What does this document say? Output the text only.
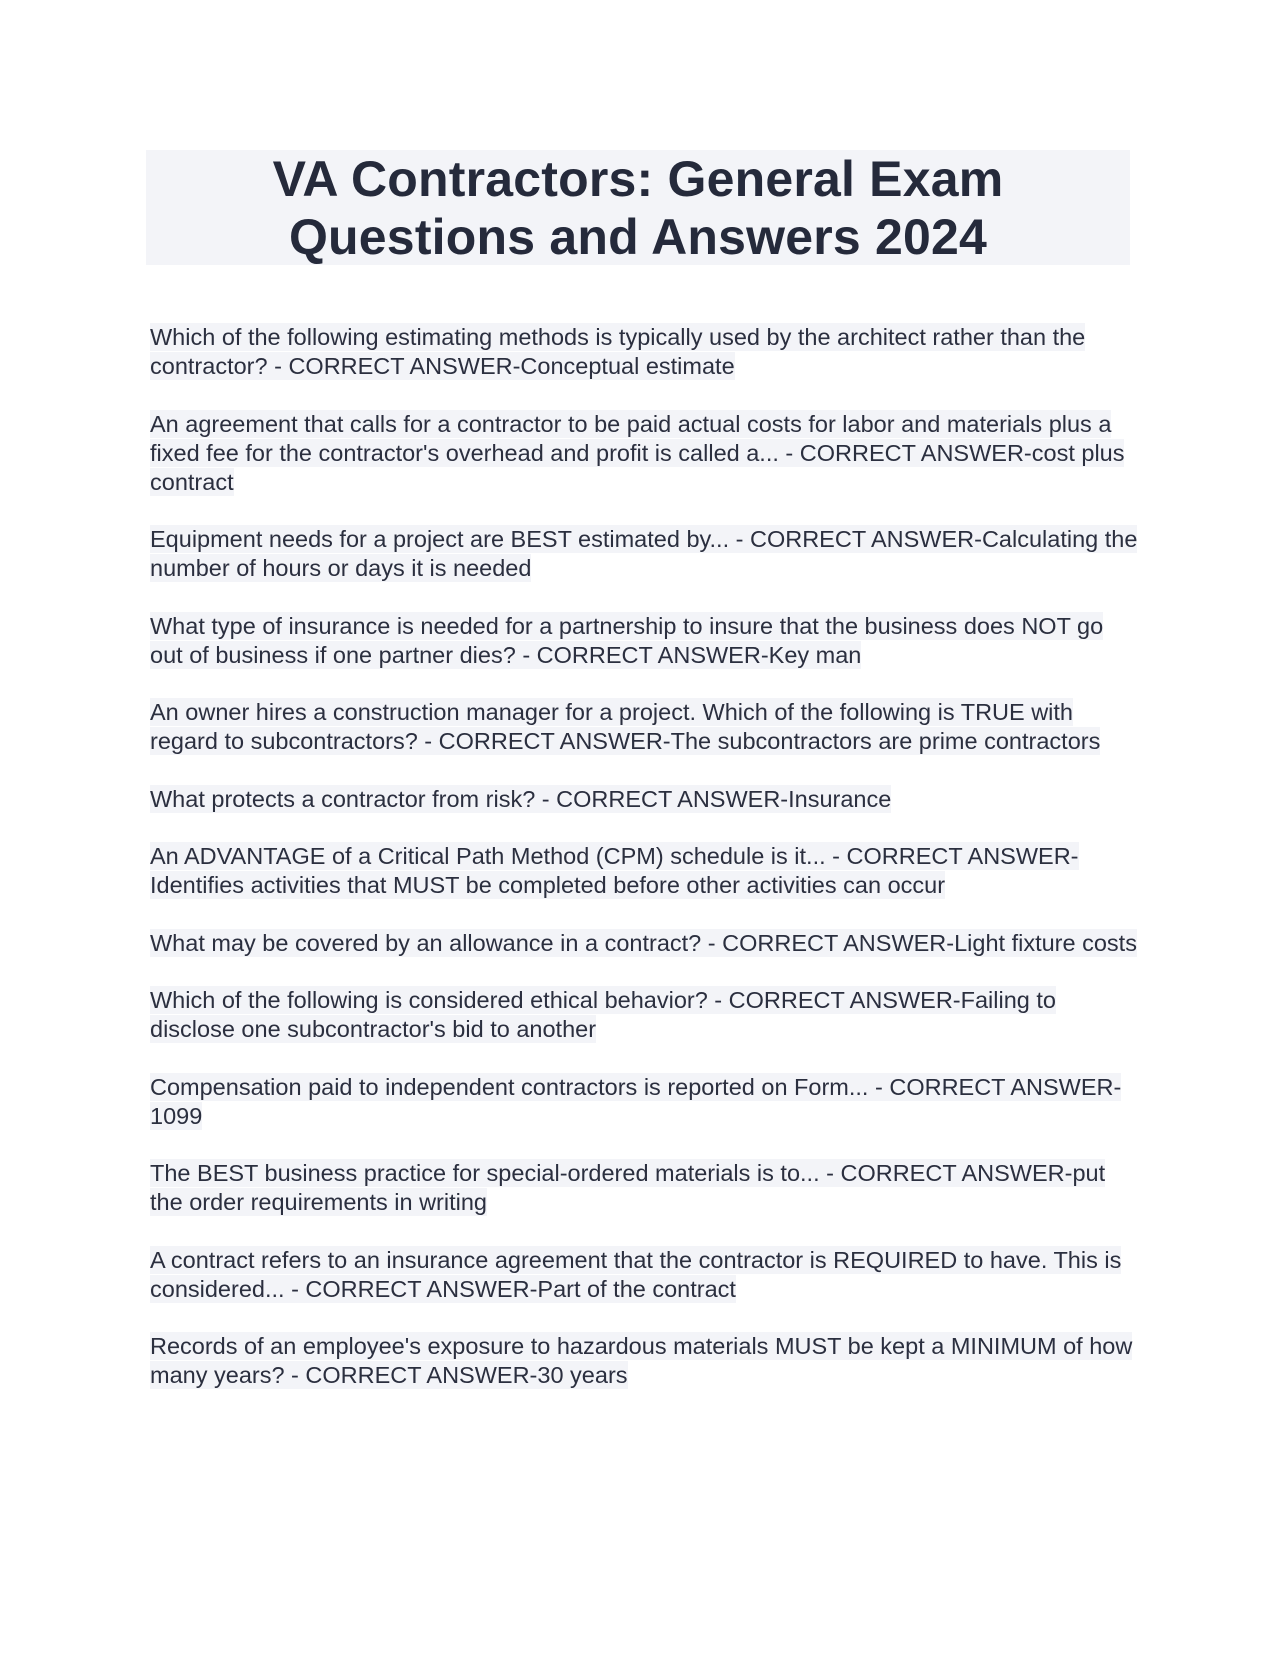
VA Contractors: General Exam
Questions and Answers 2024
Which of the following estimating methods is typically used by the architect rather than the contractor? - CORRECT ANSWER-Conceptual estimate
An agreement that calls for a contractor to be paid actual costs for labor and materials plus a fixed fee for the contractor's overhead and profit is called a... - CORRECT ANSWER-cost plus contract
Equipment needs for a project are BEST estimated by... - CORRECT ANSWER-Calculating the number of hours or days it is needed
What type of insurance is needed for a partnership to insure that the business does NOT go out of business if one partner dies? - CORRECT ANSWER-Key man
An owner hires a construction manager for a project. Which of the following is TRUE with regard to subcontractors? - CORRECT ANSWER-The subcontractors are prime contractors
What protects a contractor from risk? - CORRECT ANSWER-Insurance
An ADVANTAGE of a Critical Path Method (CPM) schedule is it... - CORRECT ANSWER-Identifies activities that MUST be completed before other activities can occur
What may be covered by an allowance in a contract? - CORRECT ANSWER-Light fixture costs
Which of the following is considered ethical behavior? - CORRECT ANSWER-Failing to disclose one subcontractor's bid to another
Compensation paid to independent contractors is reported on Form... - CORRECT ANSWER-1099
The BEST business practice for special-ordered materials is to... - CORRECT ANSWER-put the order requirements in writing
A contract refers to an insurance agreement that the contractor is REQUIRED to have. This is considered... - CORRECT ANSWER-Part of the contract
Records of an employee's exposure to hazardous materials MUST be kept a MINIMUM of how many years? - CORRECT ANSWER-30 years
